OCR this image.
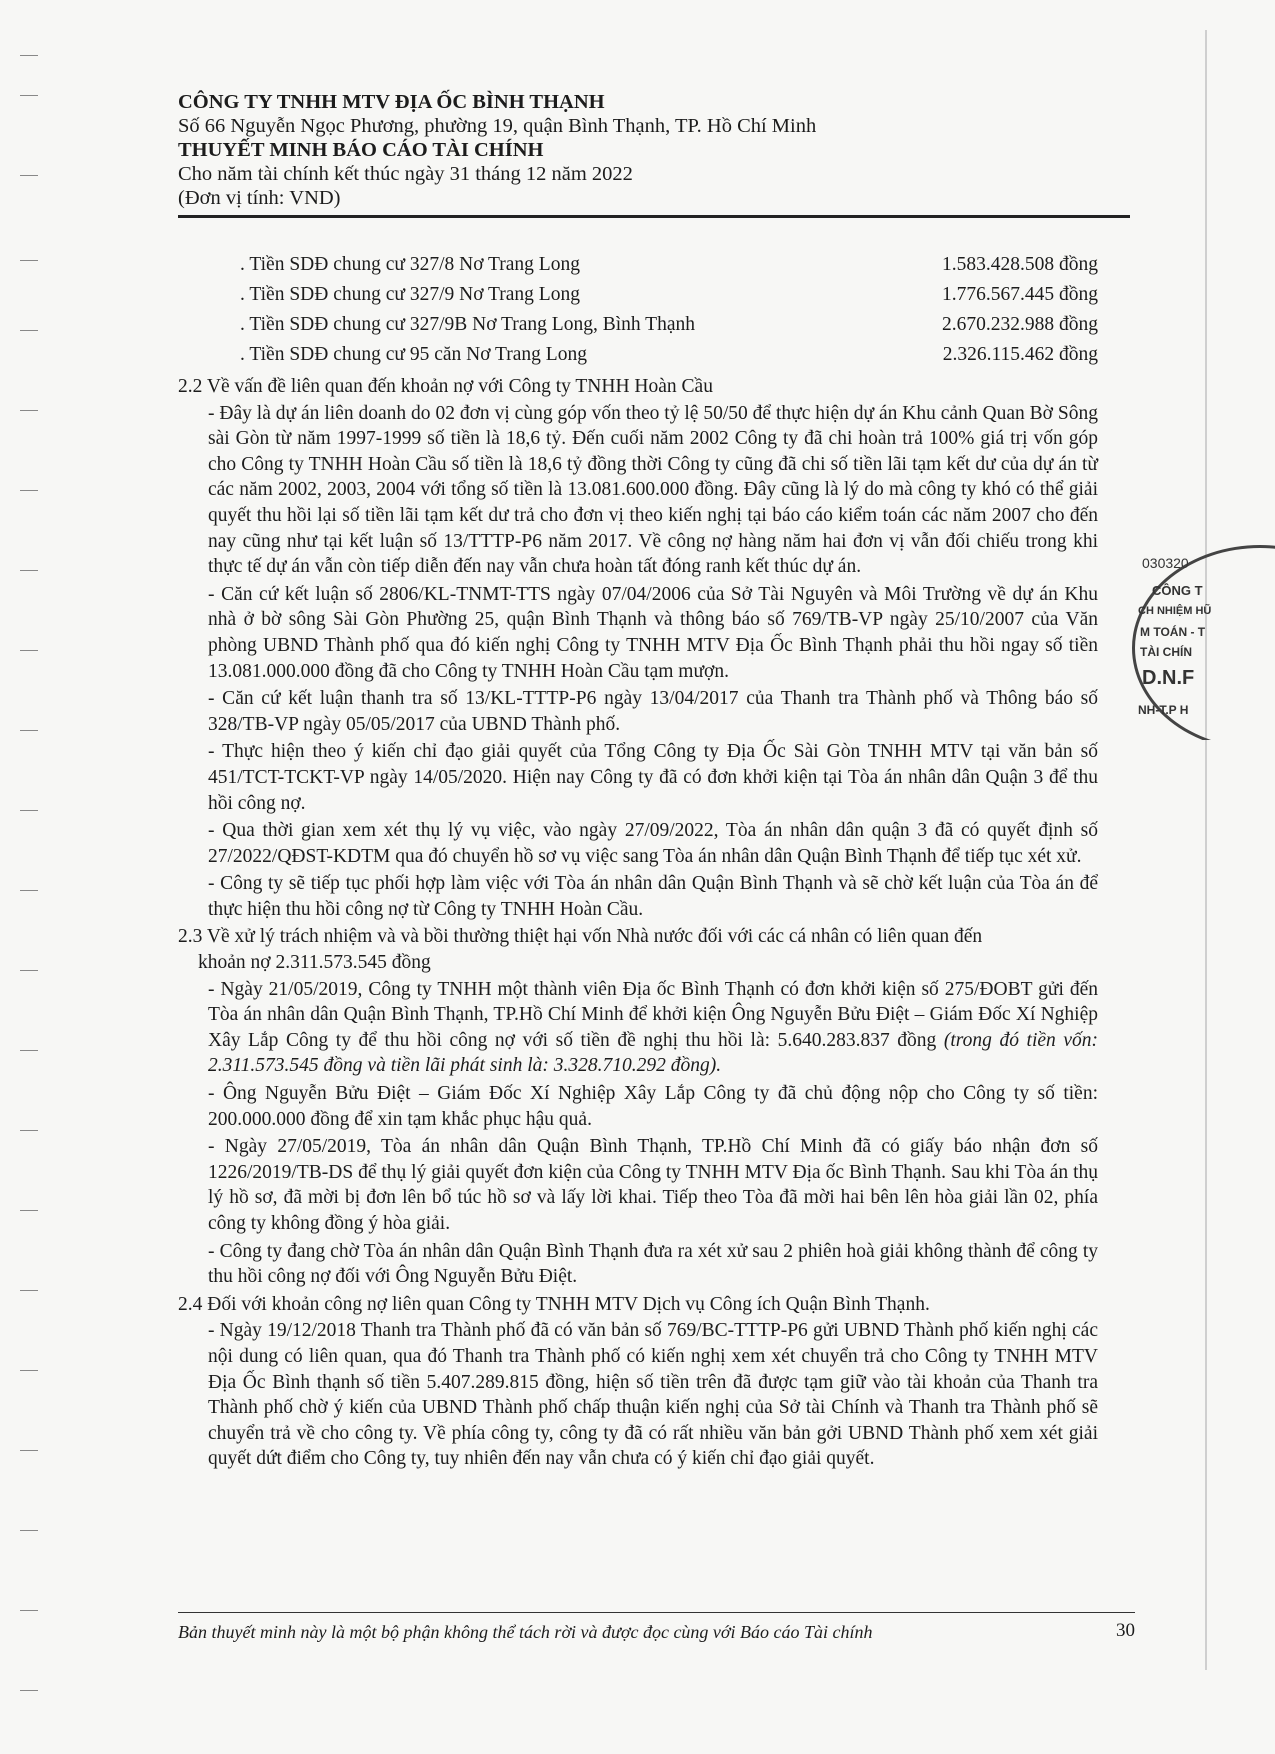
CÔNG TY TNHH MTV ĐỊA ỐC BÌNH THẠNH
Số 66 Nguyễn Ngọc Phương, phường 19, quận Bình Thạnh, TP. Hồ Chí Minh
THUYẾT MINH BÁO CÁO TÀI CHÍNH
Cho năm tài chính kết thúc ngày 31 tháng 12 năm 2022
(Đơn vị tính: VND)
. Tiền SDĐ chung cư 327/8 Nơ Trang Long	1.583.428.508 đồng
. Tiền SDĐ chung cư 327/9 Nơ Trang Long	1.776.567.445 đồng
. Tiền SDĐ chung cư 327/9B Nơ Trang Long, Bình Thạnh	2.670.232.988 đồng
. Tiền SDĐ chung cư 95 căn Nơ Trang Long	2.326.115.462 đồng
2.2 Về vấn đề liên quan đến khoản nợ với Công ty TNHH Hoàn Cầu
- Đây là dự án liên doanh do 02 đơn vị cùng góp vốn theo tỷ lệ 50/50 để thực hiện dự án Khu cảnh Quan Bờ Sông sài Gòn từ năm 1997-1999 số tiền là 18,6 tỷ. Đến cuối năm 2002 Công ty đã chi hoàn trả 100% giá trị vốn góp cho Công ty TNHH Hoàn Cầu số tiền là 18,6 tỷ đồng thời Công ty cũng đã chi số tiền lãi tạm kết dư của dự án từ các năm 2002, 2003, 2004 với tổng số tiền là 13.081.600.000 đồng. Đây cũng là lý do mà công ty khó có thể giải quyết thu hồi lại số tiền lãi tạm kết dư trả cho đơn vị theo kiến nghị tại báo cáo kiểm toán các năm 2007 cho đến nay cũng như tại kết luận số 13/TTTP-P6 năm 2017. Về công nợ hàng năm hai đơn vị vẫn đối chiếu trong khi thực tế dự án vẫn còn tiếp diễn đến nay vẫn chưa hoàn tất đóng ranh kết thúc dự án.
- Căn cứ kết luận số 2806/KL-TNMT-TTS ngày 07/04/2006 của Sở Tài Nguyên và Môi Trường về dự án Khu nhà ở bờ sông Sài Gòn Phường 25, quận Bình Thạnh và thông báo số 769/TB-VP ngày 25/10/2007 của Văn phòng UBND Thành phố qua đó kiến nghị Công ty TNHH MTV Địa Ốc Bình Thạnh phải thu hồi ngay số tiền 13.081.000.000 đồng đã cho Công ty TNHH Hoàn Cầu tạm mượn.
- Căn cứ kết luận thanh tra số 13/KL-TTTP-P6 ngày 13/04/2017 của Thanh tra Thành phố và Thông báo số 328/TB-VP ngày 05/05/2017 của UBND Thành phố.
- Thực hiện theo ý kiến chỉ đạo giải quyết của Tổng Công ty Địa Ốc Sài Gòn TNHH MTV tại văn bản số 451/TCT-TCKT-VP ngày 14/05/2020. Hiện nay Công ty đã có đơn khởi kiện tại Tòa án nhân dân Quận 3 để thu hồi công nợ.
- Qua thời gian xem xét thụ lý vụ việc, vào ngày 27/09/2022, Tòa án nhân dân quận 3 đã có quyết định số 27/2022/QĐST-KDTM qua đó chuyển hồ sơ vụ việc sang Tòa án nhân dân Quận Bình Thạnh để tiếp tục xét xử.
- Công ty sẽ tiếp tục phối hợp làm việc với Tòa án nhân dân Quận Bình Thạnh và sẽ chờ kết luận của Tòa án để thực hiện thu hồi công nợ từ Công ty TNHH Hoàn Cầu.
2.3 Về xử lý trách nhiệm và và bồi thường thiệt hại vốn Nhà nước đối với các cá nhân có liên quan đến
khoản nợ 2.311.573.545 đồng
- Ngày 21/05/2019, Công ty TNHH một thành viên Địa ốc Bình Thạnh có đơn khởi kiện số 275/ĐOBT gửi đến Tòa án nhân dân Quận Bình Thạnh, TP.Hồ Chí Minh để khởi kiện Ông Nguyễn Bửu Điệt – Giám Đốc Xí Nghiệp Xây Lắp Công ty để thu hồi công nợ với số tiền đề nghị thu hồi là: 5.640.283.837 đồng (trong đó tiền vốn: 2.311.573.545 đồng và tiền lãi phát sinh là: 3.328.710.292 đồng).
- Ông Nguyễn Bửu Điệt – Giám Đốc Xí Nghiệp Xây Lắp Công ty đã chủ động nộp cho Công ty số tiền: 200.000.000 đồng để xin tạm khắc phục hậu quả.
- Ngày 27/05/2019, Tòa án nhân dân Quận Bình Thạnh, TP.Hồ Chí Minh đã có giấy báo nhận đơn số 1226/2019/TB-DS để thụ lý giải quyết đơn kiện của Công ty TNHH MTV Địa ốc Bình Thạnh. Sau khi Tòa án thụ lý hồ sơ, đã mời bị đơn lên bổ túc hồ sơ và lấy lời khai. Tiếp theo Tòa đã mời hai bên lên hòa giải lần 02, phía công ty không đồng ý hòa giải.
- Công ty đang chờ Tòa án nhân dân Quận Bình Thạnh đưa ra xét xử sau 2 phiên hoà giải không thành để công ty thu hồi công nợ đối với Ông Nguyễn Bửu Điệt.
2.4 Đối với khoản công nợ liên quan Công ty TNHH MTV Dịch vụ Công ích Quận Bình Thạnh.
- Ngày 19/12/2018 Thanh tra Thành phố đã có văn bản số 769/BC-TTTP-P6 gửi UBND Thành phố kiến nghị các nội dung có liên quan, qua đó Thanh tra Thành phố có kiến nghị xem xét chuyển trả cho Công ty TNHH MTV Địa Ốc Bình thạnh số tiền 5.407.289.815 đồng, hiện số tiền trên đã được tạm giữ vào tài khoản của Thanh tra Thành phố chờ ý kiến của UBND Thành phố chấp thuận kiến nghị của Sở tài Chính và Thanh tra Thành phố sẽ chuyển trả về cho công ty. Về phía công ty, công ty đã có rất nhiều văn bản gởi UBND Thành phố xem xét giải quyết dứt điểm cho Công ty, tuy nhiên đến nay vẫn chưa có ý kiến chỉ đạo giải quyết.
030320
CÔNG T
CH NHIỆM HŨ
M TOÁN - T
TÀI CHÍN
D.N.F
NH-T.P H
Bản thuyết minh này là một bộ phận không thể tách rời và được đọc cùng với Báo cáo Tài chính	30
